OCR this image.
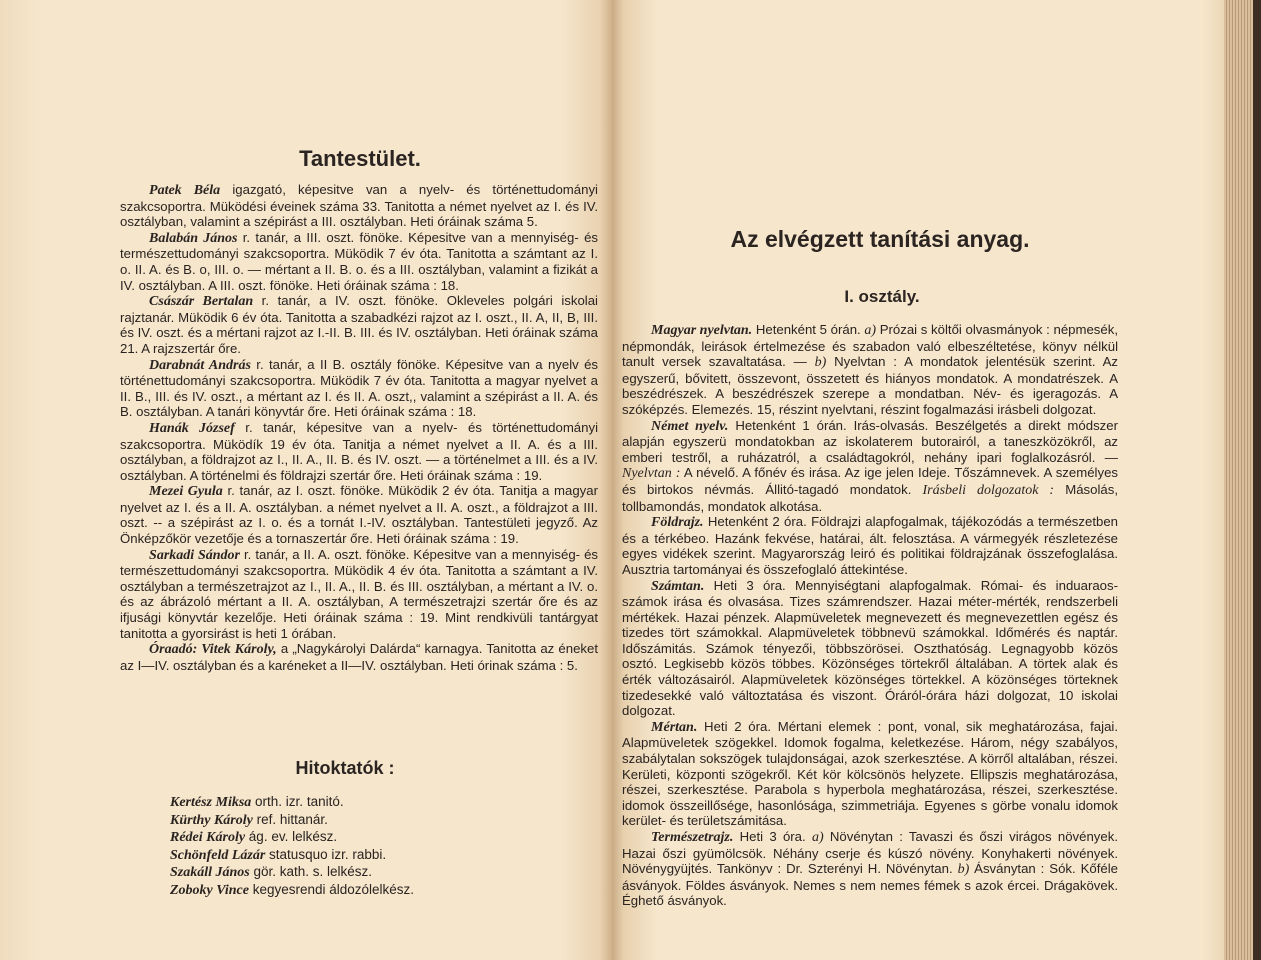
Tantestület.

Patek Béla igazgató, képesitve van a nyelv- és történettudományi szakcsoportra. Müködési éveinek száma 33. Tanitotta a német nyelvet az I. és IV. osztályban, valamint a szépirást a III. osztályban. Heti óráinak száma 5.

Balabán János r. tanár, a III. oszt. fönöke. Képesitve van a mennyiség- és természettudományi szakcsoportra. Müködik 7 év óta. Tanitotta a számtant az I. o. II. A. és B. o, III. o. — mértant a II. B. o. és a III. osztályban, valamint a fizikát a IV. osztályban. A III. oszt. fönöke. Heti óráinak száma : 18.

Császár Bertalan r. tanár, a IV. oszt. fönöke. Okleveles polgári iskolai rajztanár. Müködik 6 év óta. Tanitotta a szabadkézi rajzot az I. oszt., II. A, II, B, III. és IV. oszt. és a mértani rajzot az I.-II. B. III. és IV. osztályban. Heti óráinak száma 21. A rajzszertár őre.

Darabnát András r. tanár, a II B. osztály fönöke. Képesitve van a nyelv és történettudományi szakcsoportra. Müködik 7 év óta. Tanitotta a magyar nyelvet a II. B., III. és IV. oszt., a mértant az I. és II. A. oszt,, valamint a szépirást a II. A. és B. osztályban. A tanári könyvtár őre. Heti óráinak száma : 18.

Hanák József r. tanár, képesitve van a nyelv- és történettudományi szakcsoportra. Müködík 19 év óta. Tanitja a német nyelvet a II. A. és a III. osztályban, a földrajzot az I., II. A., II. B. és IV. oszt. — a történelmet a III. és a IV. osztályban. A történelmi és földrajzi szertár őre. Heti óráinak száma : 19.

Mezei Gyula r. tanár, az I. oszt. fönöke. Müködik 2 év óta. Tanitja a magyar nyelvet az I. és a II. A. osztályban. a német nyelvet a II. A. oszt., a földrajzot a III. oszt. -- a szépirást az I. o. és a tornát I.-IV. osztályban. Tantestületi jegyző. Az Önképzőkör vezetője és a tornaszertár őre. Heti óráinak száma : 19.

Sarkadi Sándor r. tanár, a II. A. oszt. fönöke. Képesitve van a mennyiség- és természettudományi szakcsoportra. Müködik 4 év óta. Tanitotta a számtant a IV. osztályban a természetrajzot az I., II. A., II. B. és III. osztályban, a mértant a IV. o. és az ábrázoló mértant a II. A. osztályban, A természetrajzi szertár őre és az ifjusági könyvtár kezelője. Heti óráinak száma : 19. Mint rendkivüli tantárgyat tanitotta a gyorsirást is heti 1 órában.

Óraadó: Vitek Károly, a „Nagykárolyi Dalárda“ karnagya. Tanitotta az éneket az I—IV. osztályban és a karéneket a II—IV. osztályban. Heti órinak száma : 5.

Hitoktatók :
Kertész Miksa orth. izr. tanitó.
Kürthy Károly ref. hittanár.
Rédei Károly ág. ev. lelkész.
Schönfeld Lázár statusquo izr. rabbi.
Szakáll János gör. kath. s. lelkész.
Zoboky Vince kegyesrendi áldozólelkész.
Az elvégzett tanítási anyag.
I. osztály.

Magyar nyelvtan. Hetenként 5 órán. a) Prózai s költői olvasmányok : népmesék, népmondák, leirások értelmezése és szabadon való elbeszéltetése, könyv nélkül tanult versek szavaltatása. — b) Nyelvtan : A mondatok jelentésük szerint. Az egyszerű, bővitett, összevont, összetett és hiányos mondatok. A mondatrészek. A beszédrészek. A beszédrészek szerepe a mondatban. Név- és igeragozás. A szóképzés. Elemezés. 15, részint nyelvtani, részint fogalmazási irásbeli dolgozat.

Német nyelv. Hetenként 1 órán. Irás-olvasás. Beszélgetés a direkt módszer alapján egyszerü mondatokban az iskolaterem butorairól, a taneszközökről, az emberi testről, a ruházatról, a családtagokról, nehány ipari foglalkozásról. — Nyelvtan : A névelő. A főnév és irása. Az ige jelen Ideje. Tőszámnevek. A személyes és birtokos névmás. Állitó-tagadó mondatok. Irásbeli dolgozatok : Másolás, tollbamondás, mondatok alkotása.

Földrajz. Hetenként 2 óra. Földrajzi alapfogalmak, tájékozódás a természetben és a térkébeo. Hazánk fekvése, határai, ált. felosztása. A vármegyék részletezése egyes vidékek szerint. Magyarország leiró és politikai földrajzának összefoglalása. Ausztria tartományai és összefoglaló áttekintése.

Számtan. Heti 3 óra. Mennyiségtani alapfogalmak. Római- és induaraos-számok irása és olvasása. Tizes számrendszer. Hazai méter-mérték, rendszerbeli mértékek. Hazai pénzek. Alapmüveletek megnevezett és megnevezettlen egész és tizedes tört számokkal. Alapmüveletek többnevü számokkal. Időmérés és naptár. Időszámitás. Számok tényezői, többszörösei. Oszthatóság. Legnagyobb közös osztó. Legkisebb közös többes. Közönséges törtekről általában. A törtek alak és érték változásairól. Alapmüveletek közönséges törtekkel. A közönséges törteknek tizedesekké való változtatása és viszont. Óráról-órára házi dolgozat, 10 iskolai dolgozat.

Mértan. Heti 2 óra. Mértani elemek : pont, vonal, sik meghatározása, fajai. Alapmüveletek szögekkel. Idomok fogalma, keletkezése. Három, négy szabályos, szabálytalan sokszögek tulajdonságai, azok szerkesztése. A körről altalában, részei. Kerületi, központi szögekről. Két kör kölcsönös helyzete. Ellipszis meghatározása, részei, szerkesztése. Parabola s hyperbola meghatározása, részei, szerkesztése. idomok összeillősége, hasonlósága, szimmetriája. Egyenes s görbe vonalu idomok kerület- és területszámitása.

Természetrajz. Heti 3 óra. a) Növénytan : Tavaszi és őszi virágos növények. Hazai őszi gyümölcsök. Néhány cserje és kúszó növény. Konyhakerti növények. Növénygyüjtés. Tankönyv : Dr. Szterényi H. Növénytan. b) Ásványtan : Sók. Kőféle ásványok. Földes ásványok. Nemes s nem nemes fémek s azok ércei. Drágakövek. Éghető ásványok.
